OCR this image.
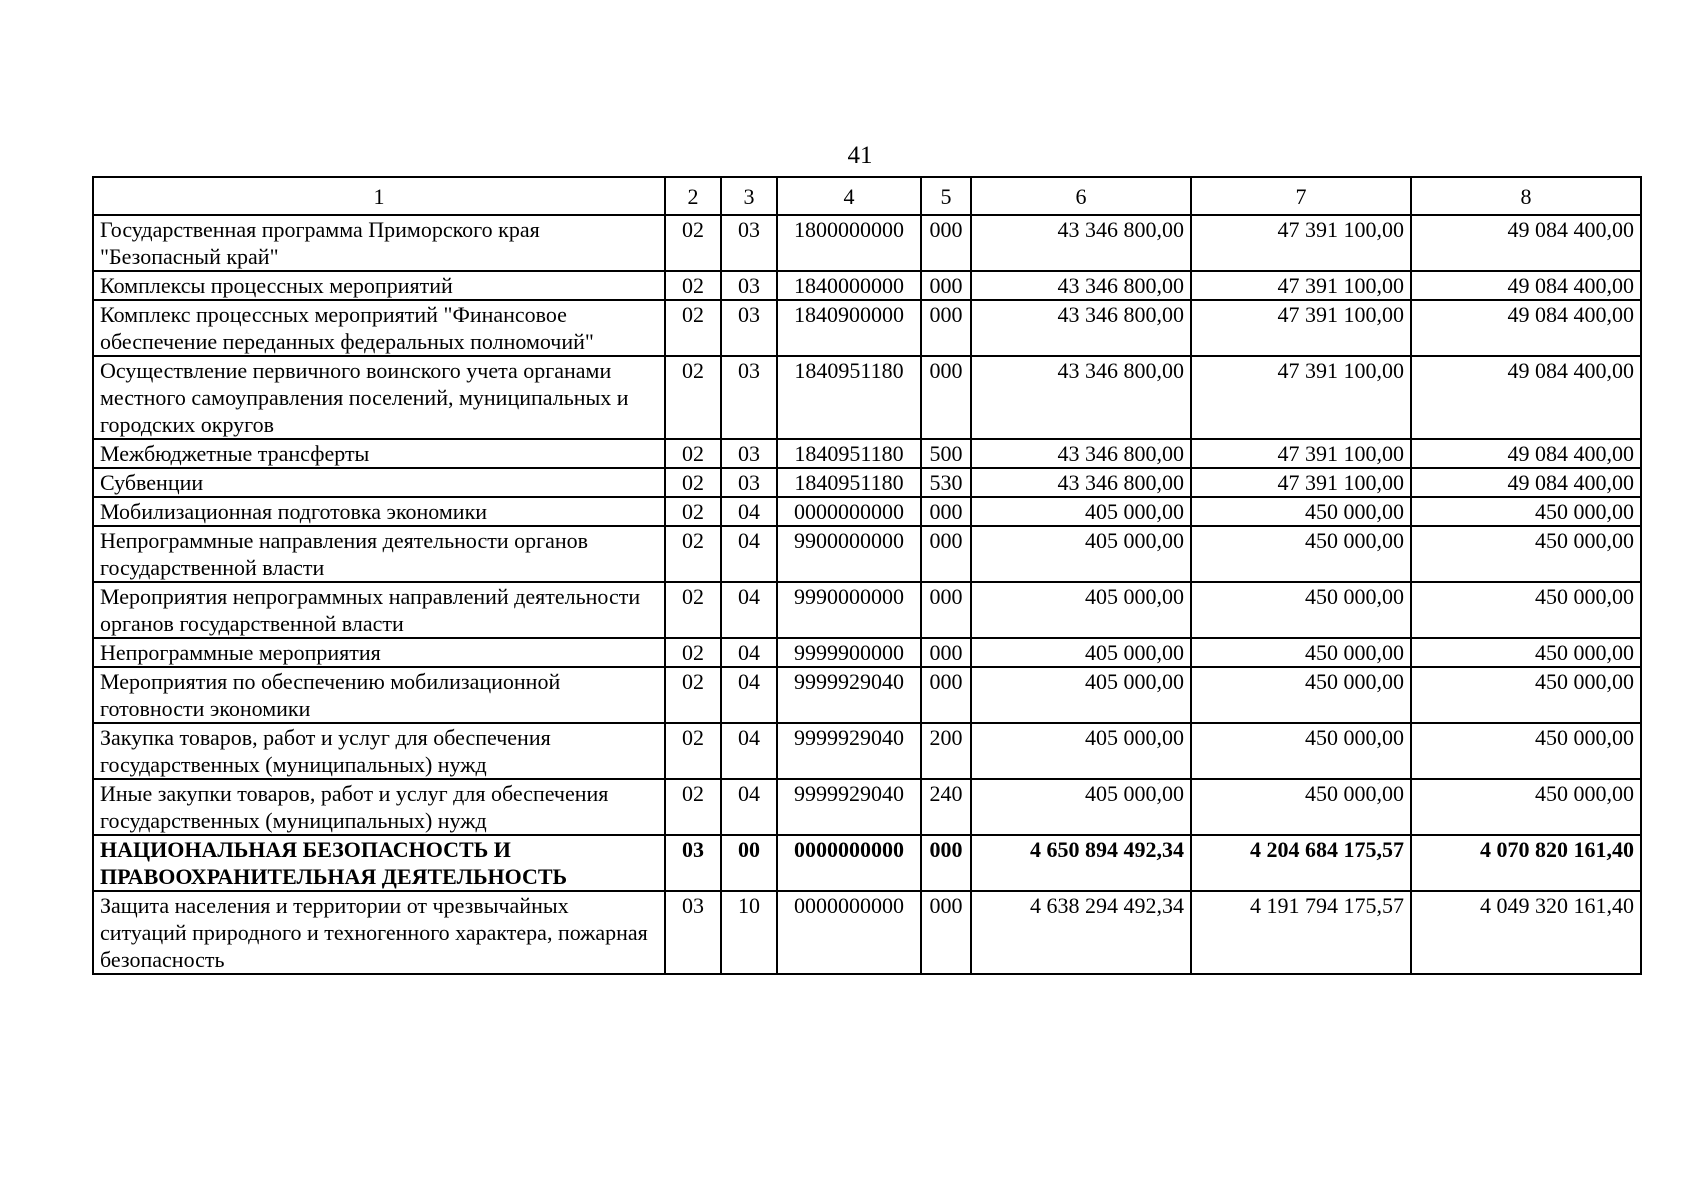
41
1	2	3	4	5	6	7	8
Государственная программа Приморского края "Безопасный край"	02	03	1800000000	000	43 346 800,00	47 391 100,00	49 084 400,00
Комплексы процессных мероприятий	02	03	1840000000	000	43 346 800,00	47 391 100,00	49 084 400,00
Комплекс процессных мероприятий "Финансовое обеспечение переданных федеральных полномочий"	02	03	1840900000	000	43 346 800,00	47 391 100,00	49 084 400,00
Осуществление первичного воинского учета органами местного самоуправления поселений, муниципальных и городских округов	02	03	1840951180	000	43 346 800,00	47 391 100,00	49 084 400,00
Межбюджетные трансферты	02	03	1840951180	500	43 346 800,00	47 391 100,00	49 084 400,00
Субвенции	02	03	1840951180	530	43 346 800,00	47 391 100,00	49 084 400,00
Мобилизационная подготовка экономики	02	04	0000000000	000	405 000,00	450 000,00	450 000,00
Непрограммные направления деятельности органов государственной власти	02	04	9900000000	000	405 000,00	450 000,00	450 000,00
Мероприятия непрограммных направлений деятельности органов государственной власти	02	04	9990000000	000	405 000,00	450 000,00	450 000,00
Непрограммные мероприятия	02	04	9999900000	000	405 000,00	450 000,00	450 000,00
Мероприятия по обеспечению мобилизационной готовности экономики	02	04	9999929040	000	405 000,00	450 000,00	450 000,00
Закупка товаров, работ и услуг для обеспечения государственных (муниципальных) нужд	02	04	9999929040	200	405 000,00	450 000,00	450 000,00
Иные закупки товаров, работ и услуг для обеспечения государственных (муниципальных) нужд	02	04	9999929040	240	405 000,00	450 000,00	450 000,00
НАЦИОНАЛЬНАЯ БЕЗОПАСНОСТЬ И ПРАВООХРАНИТЕЛЬНАЯ ДЕЯТЕЛЬНОСТЬ	03	00	0000000000	000	4 650 894 492,34	4 204 684 175,57	4 070 820 161,40
Защита населения и территории от чрезвычайных ситуаций природного и техногенного характера, пожарная безопасность	03	10	0000000000	000	4 638 294 492,34	4 191 794 175,57	4 049 320 161,40
